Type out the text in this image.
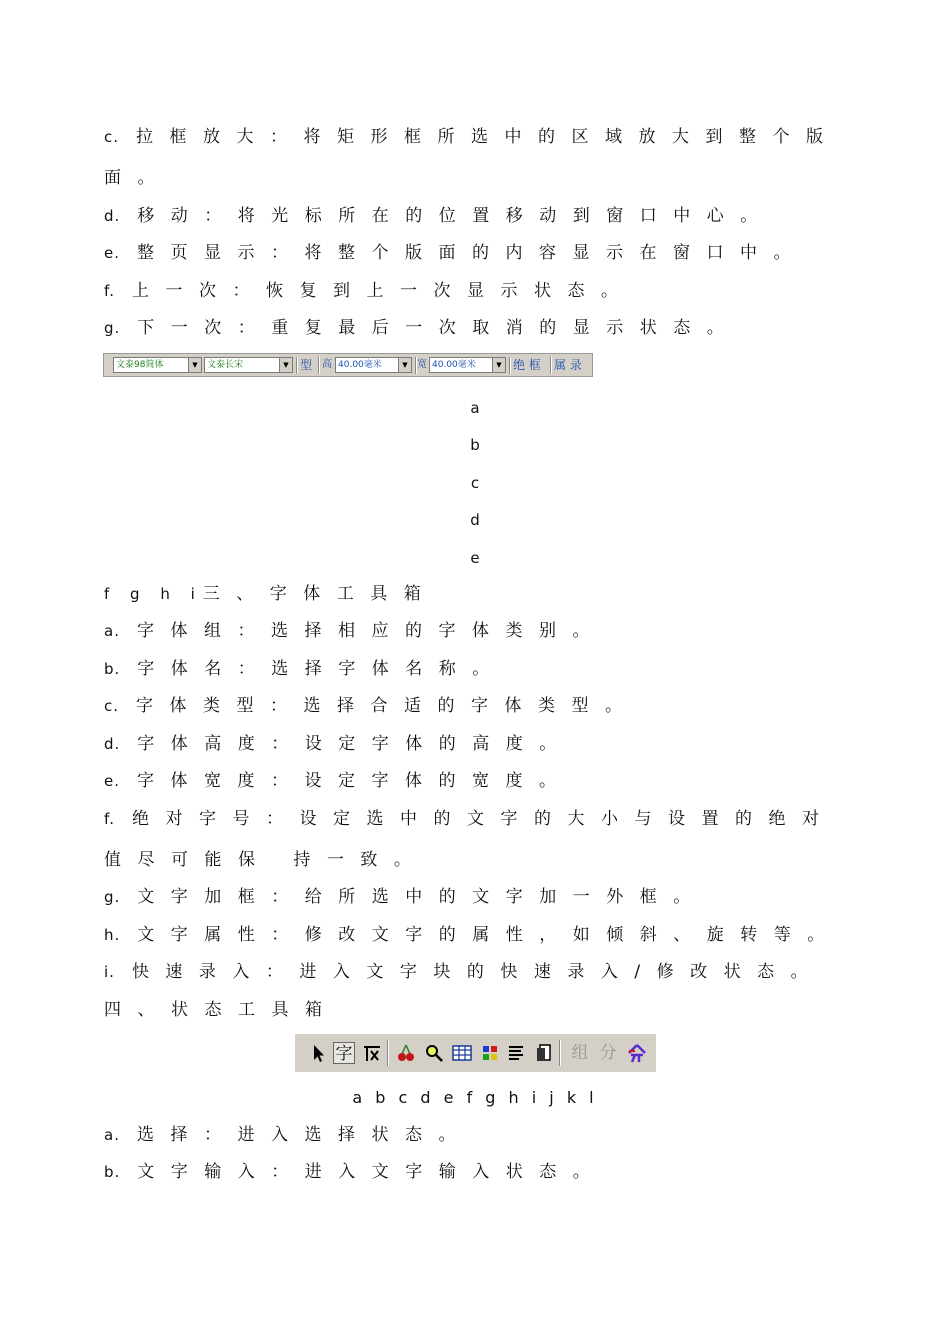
c. 拉框放大：将矩形框所选中的区域放大到整个版
面。
d. 移动：将光标所在的位置移动到窗口中心。
e. 整页显示：将整个版面的内容显示在窗口中。
f. 上一次：恢复到上一次显示状态。
g. 下一次：重复最后一次取消的显示状态。
文泰98简体	▼	文泰长宋	▼ 型 高 40.00毫米	▼ 宽 40.00毫米	▼ 绝 框 属 录
a
b
c
d
e
f g h i三、字体工具箱
a. 字体组：选择相应的字体类别。
b. 字体名：选择字体名称。
c. 字体类型：选择合适的字体类型。
d. 字体高度：设定字体的高度。
e. 字体宽度：设定字体的宽度。
f. 绝对字号：设定选中的文字的大小与设置的绝对
值尽可能保 持一致。
g. 文字加框：给所选中的文字加一外框。
h. 文字属性：修改文字的属性，如倾斜、旋转等。
i. 快速录入：进入文字块的快速录入/修改状态。
四、状态工具箱
字	组 分
a b c d e f g h i j k l
a. 选择：进入选择状态。
b. 文字输入：进入文字输入状态。
